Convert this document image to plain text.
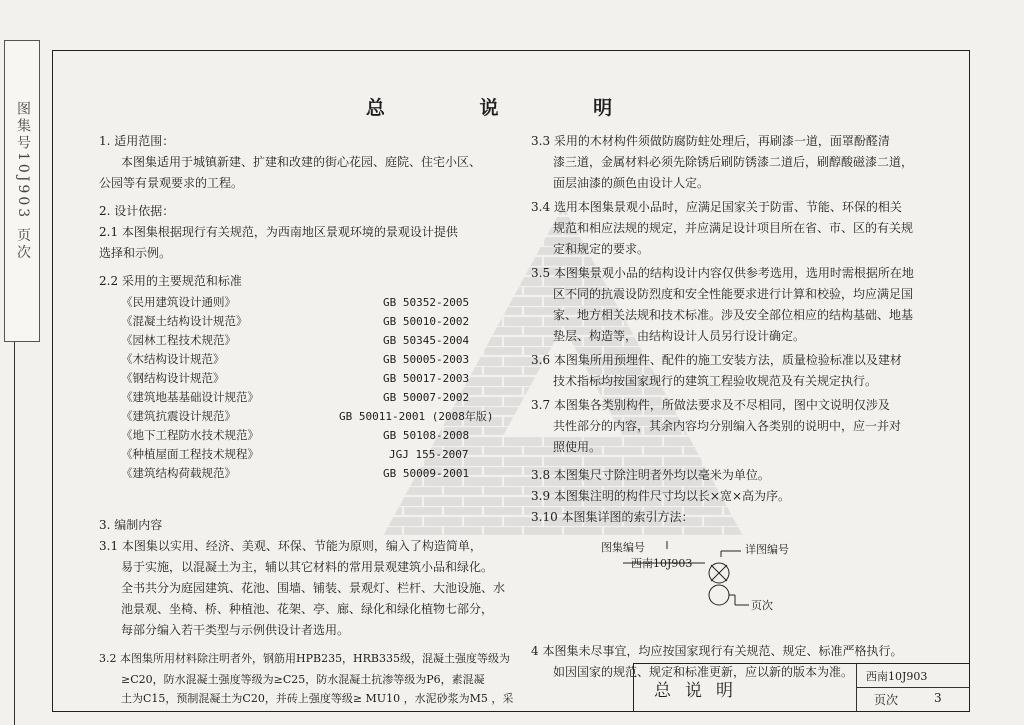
图集号10J903 页次	总 说 明
1. 适用范围：
本图集适用于城镇新建、扩建和改建的街心花园、庭院、住宅小区、
公园等有景观要求的工程。
2. 设计依据：
2.1 本图集根据现行有关规范，为西南地区景观环境的景观设计提供
选择和示例。
2.2 采用的主要规范和标准
《民用建筑设计通则》	GB 50352-2005
《混凝土结构设计规范》	GB 50010-2002
《园林工程技术规范》	GB 50345-2004
《木结构设计规范》	GB 50005-2003
《钢结构设计规范》	GB 50017-2003
《建筑地基基础设计规范》	GB 50007-2002
《建筑抗震设计规范》	GB 50011-2001 (2008年版)
《地下工程防水技术规范》	GB 50108-2008
《种植屋面工程技术规程》	JGJ 155-2007
《建筑结构荷载规范》	GB 50009-2001
3. 编制内容
3.1 本图集以实用、经济、美观、环保、节能为原则，编入了构造简单，
易于实施，以混凝土为主，辅以其它材料的常用景观建筑小品和绿化。
全书共分为庭园建筑、花池、围墙、铺装、景观灯、栏杆、大池设施、水
池景观、坐椅、桥、种植池、花架、亭、廊、绿化和绿化植物七部分，
每部分编入若干类型与示例供设计者选用。
3.2 本图集所用材料除注明者外，钢筋用HPB235，HRB335级，混凝土强度等级为
≥C20，防水混凝土强度等级为≥C25，防水混凝土抗渗等级为P6，素混凝
土为C15，预制混凝土为C20，并砖上强度等级≥ MU10 ，水泥砂浆为M5 ，采
3.3 采用的木材构件须做防腐防蛀处理后，再刷漆一道，面罩酚醛清
漆三道，金属材料必须先除锈后刷防锈漆二道后，刷醇酸磁漆二道，
面层油漆的颜色由设计人定。
3.4 选用本图集景观小品时，应满足国家关于防雷、节能、环保的相关
规范和相应法规的规定，并应满足设计项目所在省、市、区的有关规
定和规定的要求。
3.5 本图集景观小品的结构设计内容仅供参考选用，选用时需根据所在地
区不同的抗震设防烈度和安全性能要求进行计算和校验，均应满足国
家、地方相关法规和技术标准。涉及安全部位相应的结构基础、地基
垫层、构造等，由结构设计人员另行设计确定。
3.6 本图集所用预埋件、配件的施工安装方法，质量检验标准以及建材
技术指标均按国家现行的建筑工程验收规范及有关规定执行。
3.7 本图集各类别构件，所做法要求及不尽相同，图中文说明仅涉及
共性部分的内容，其余内容均分别编入各类别的说明中，应一并对
照使用。
3.8 本图集尺寸除注明者外均以毫米为单位。
3.9 本图集注明的构件尺寸均以长×宽×高为序。
3.10 本图集详图的索引方法：
图集编号
西南10J903
详图编号
页次
4 本图集未尽事宜，均应按国家现行有关规范、规定、标准严格执行。
如因国家的规范、规定和标准更新，应以新的版本为准。
总说明
西南10J903
页次	3
